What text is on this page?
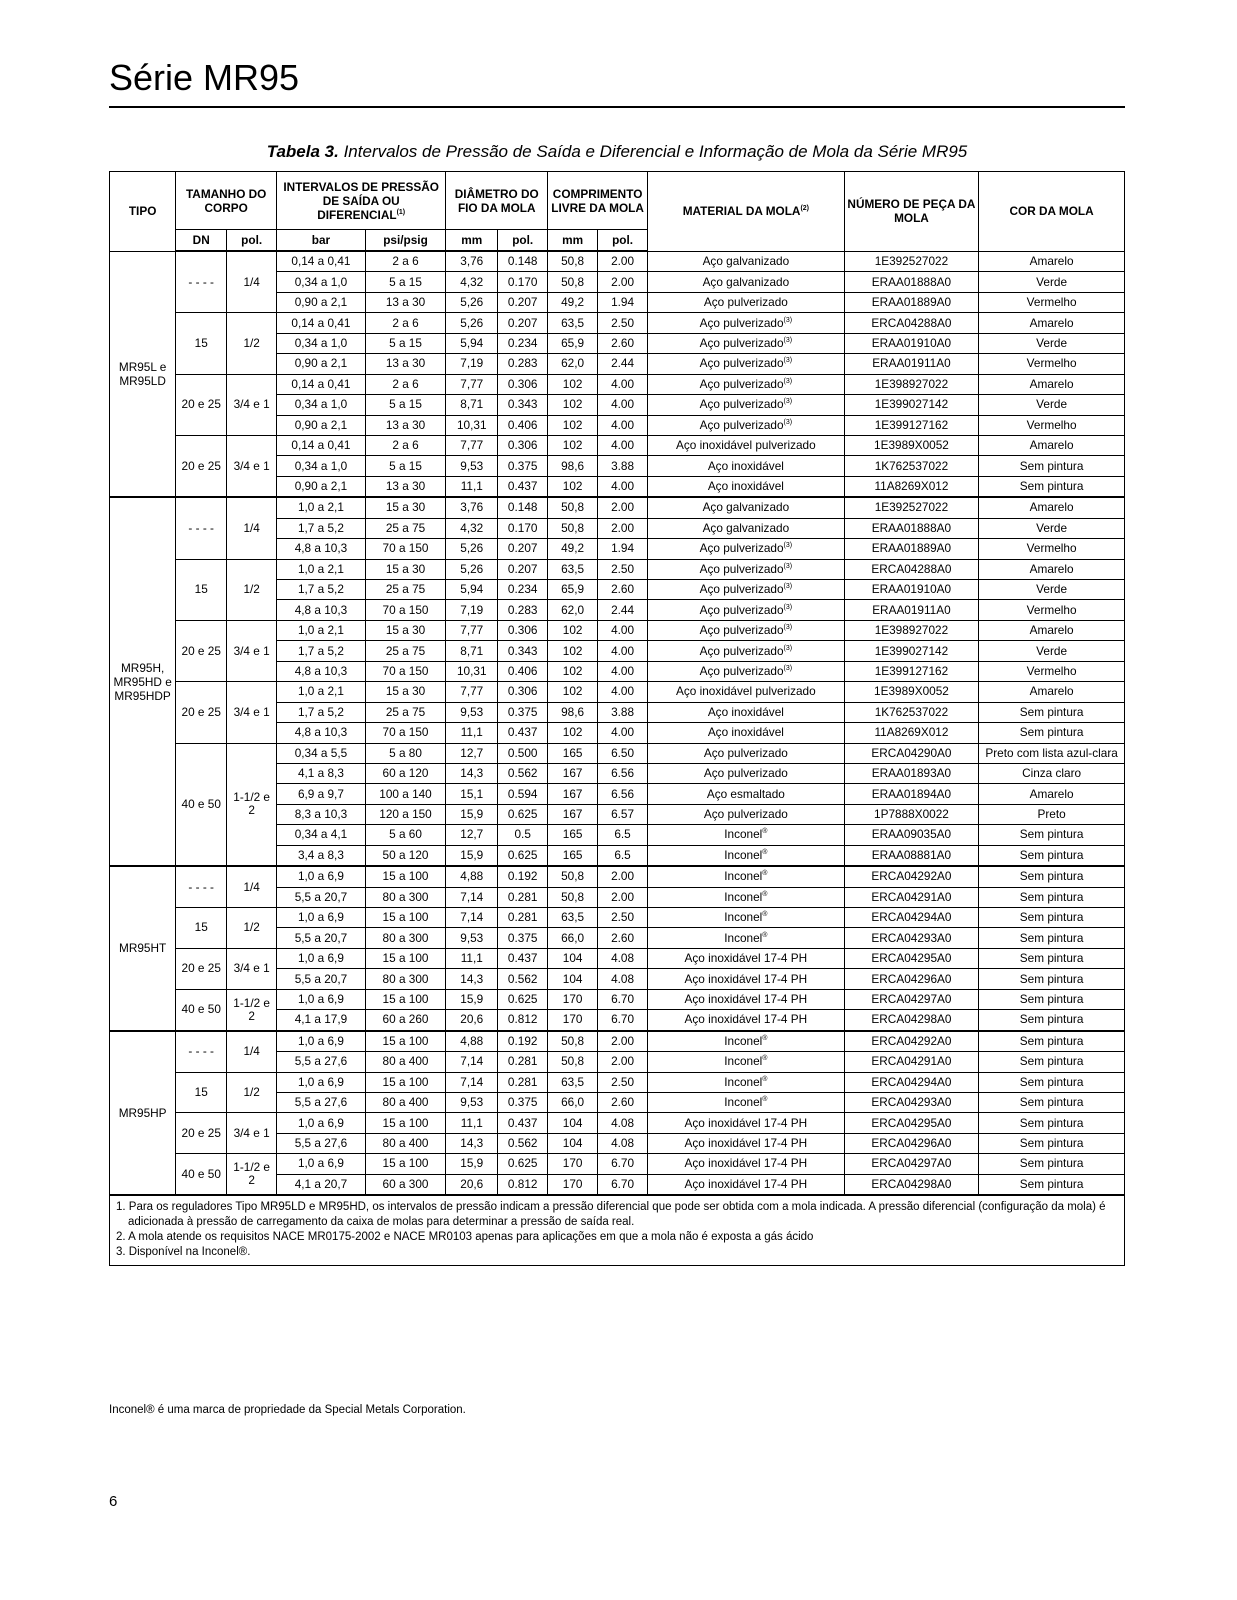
Série MR95
Tabela 3. Intervalos de Pressão de Saída e Diferencial e Informação de Mola da Série MR95
TIPO	TAMANHO DO CORPO		INTERVALOS DE PRESSÃO DE SAÍDA OU DIFERENCIAL$^{(1)}$		DIÂMETRO DO FIO DA MOLA		COMPRIMENTO LIVRE DA MOLA		MATERIAL DA MOLA$^{(2)}$	NÚMERO DE PEÇA DA MOLA	COR DA MOLA
	DN	pol.	bar	psi/psig	mm	pol.	mm	pol.			
MR95L e MR95LD	- - - -	1/4	0,14 a 0,41	2 a 6	3,76	0.148	50,8	2.00	Aço galvanizado	1E392527022	Amarelo
			0,34 a 1,0	5 a 15	4,32	0.170	50,8	2.00	Aço galvanizado	ERAA01888A0	Verde
			0,90 a 2,1	13 a 30	5,26	0.207	49,2	1.94	Aço pulverizado	ERAA01889A0	Vermelho
	15	1/2	0,14 a 0,41	2 a 6	5,26	0.207	63,5	2.50	Aço pulverizado$^{(3)}$	ERCA04288A0	Amarelo
			0,34 a 1,0	5 a 15	5,94	0.234	65,9	2.60	Aço pulverizado$^{(3)}$	ERAA01910A0	Verde
			0,90 a 2,1	13 a 30	7,19	0.283	62,0	2.44	Aço pulverizado$^{(3)}$	ERAA01911A0	Vermelho
	20 e 25	3/4 e 1	0,14 a 0,41	2 a 6	7,77	0.306	102	4.00	Aço pulverizado$^{(3)}$	1E398927022	Amarelo
			0,34 a 1,0	5 a 15	8,71	0.343	102	4.00	Aço pulverizado$^{(3)}$	1E399027142	Verde
			0,90 a 2,1	13 a 30	10,31	0.406	102	4.00	Aço pulverizado$^{(3)}$	1E399127162	Vermelho
	20 e 25	3/4 e 1	0,14 a 0,41	2 a 6	7,77	0.306	102	4.00	Aço inoxidável pulverizado	1E3989X0052	Amarelo
			0,34 a 1,0	5 a 15	9,53	0.375	98,6	3.88	Aço inoxidável	1K762537022	Sem pintura
			0,90 a 2,1	13 a 30	11,1	0.437	102	4.00	Aço inoxidável	11A8269X012	Sem pintura
MR95H, MR95HD e MR95HDP	- - - -	1/4	1,0 a 2,1	15 a 30	3,76	0.148	50,8	2.00	Aço galvanizado	1E392527022	Amarelo
			1,7 a 5,2	25 a 75	4,32	0.170	50,8	2.00	Aço galvanizado	ERAA01888A0	Verde
			4,8 a 10,3	70 a 150	5,26	0.207	49,2	1.94	Aço pulverizado$^{(3)}$	ERAA01889A0	Vermelho
	15	1/2	1,0 a 2,1	15 a 30	5,26	0.207	63,5	2.50	Aço pulverizado$^{(3)}$	ERCA04288A0	Amarelo
			1,7 a 5,2	25 a 75	5,94	0.234	65,9	2.60	Aço pulverizado$^{(3)}$	ERAA01910A0	Verde
			4,8 a 10,3	70 a 150	7,19	0.283	62,0	2.44	Aço pulverizado$^{(3)}$	ERAA01911A0	Vermelho
	20 e 25	3/4 e 1	1,0 a 2,1	15 a 30	7,77	0.306	102	4.00	Aço pulverizado$^{(3)}$	1E398927022	Amarelo
			1,7 a 5,2	25 a 75	8,71	0.343	102	4.00	Aço pulverizado$^{(3)}$	1E399027142	Verde
			4,8 a 10,3	70 a 150	10,31	0.406	102	4.00	Aço pulverizado$^{(3)}$	1E399127162	Vermelho
	20 e 25	3/4 e 1	1,0 a 2,1	15 a 30	7,77	0.306	102	4.00	Aço inoxidável pulverizado	1E3989X0052	Amarelo
			1,7 a 5,2	25 a 75	9,53	0.375	98,6	3.88	Aço inoxidável	1K762537022	Sem pintura
			4,8 a 10,3	70 a 150	11,1	0.437	102	4.00	Aço inoxidável	11A8269X012	Sem pintura
	40 e 50	1-1/2 e 2	0,34 a 5,5	5 a 80	12,7	0.500	165	6.50	Aço pulverizado	ERCA04290A0	Preto com lista azul-clara
			4,1 a 8,3	60 a 120	14,3	0.562	167	6.56	Aço pulverizado	ERAA01893A0	Cinza claro
			6,9 a 9,7	100 a 140	15,1	0.594	167	6.56	Aço esmaltado	ERAA01894A0	Amarelo
			8,3 a 10,3	120 a 150	15,9	0.625	167	6.57	Aço pulverizado	1P7888X0022	Preto
			0,34 a 4,1	5 a 60	12,7	0.5	165	6.5	Inconel®	ERAA09035A0	Sem pintura
			3,4 a 8,3	50 a 120	15,9	0.625	165	6.5	Inconel®	ERAA08881A0	Sem pintura
MR95HT	- - - -	1/4	1,0 a 6,9	15 a 100	4,88	0.192	50,8	2.00	Inconel®	ERCA04292A0	Sem pintura
			5,5 a 20,7	80 a 300	7,14	0.281	50,8	2.00	Inconel®	ERCA04291A0	Sem pintura
	15	1/2	1,0 a 6,9	15 a 100	7,14	0.281	63,5	2.50	Inconel®	ERCA04294A0	Sem pintura
			5,5 a 20,7	80 a 300	9,53	0.375	66,0	2.60	Inconel®	ERCA04293A0	Sem pintura
	20 e 25	3/4 e 1	1,0 a 6,9	15 a 100	11,1	0.437	104	4.08	Aço inoxidável 17-4 PH	ERCA04295A0	Sem pintura
			5,5 a 20,7	80 a 300	14,3	0.562	104	4.08	Aço inoxidável 17-4 PH	ERCA04296A0	Sem pintura
	40 e 50	1-1/2 e 2	1,0 a 6,9	15 a 100	15,9	0.625	170	6.70	Aço inoxidável 17-4 PH	ERCA04297A0	Sem pintura
			4,1 a 17,9	60 a 260	20,6	0.812	170	6.70	Aço inoxidável 17-4 PH	ERCA04298A0	Sem pintura
MR95HP	- - - -	1/4	1,0 a 6,9	15 a 100	4,88	0.192	50,8	2.00	Inconel®	ERCA04292A0	Sem pintura
			5,5 a 27,6	80 a 400	7,14	0.281	50,8	2.00	Inconel®	ERCA04291A0	Sem pintura
	15	1/2	1,0 a 6,9	15 a 100	7,14	0.281	63,5	2.50	Inconel®	ERCA04294A0	Sem pintura
			5,5 a 27,6	80 a 400	9,53	0.375	66,0	2.60	Inconel®	ERCA04293A0	Sem pintura
	20 e 25	3/4 e 1	1,0 a 6,9	15 a 100	11,1	0.437	104	4.08	Aço inoxidável 17-4 PH	ERCA04295A0	Sem pintura
			5,5 a 27,6	80 a 400	14,3	0.562	104	4.08	Aço inoxidável 17-4 PH	ERCA04296A0	Sem pintura
	40 e 50	1-1/2 e 2	1,0 a 6,9	15 a 100	15,9	0.625	170	6.70	Aço inoxidável 17-4 PH	ERCA04297A0	Sem pintura
			4,1 a 20,7	60 a 300	20,6	0.812	170	6.70	Aço inoxidável 17-4 PH	ERCA04298A0	Sem pintura

1. Para os reguladores Tipo MR95LD e MR95HD, os intervalos de pressão indicam a pressão diferencial que pode ser obtida com a mola indicada. A pressão diferencial (configuração da mola) é adicionada à pressão de carregamento da caixa de molas para determinar a pressão de saída real.
2. A mola atende os requisitos NACE MR0175-2002 e NACE MR0103 apenas para aplicações em que a mola não é exposta a gás ácido
3. Disponível na Inconel®.											
Inconel® é uma marca de propriedade da Special Metals Corporation.
6
